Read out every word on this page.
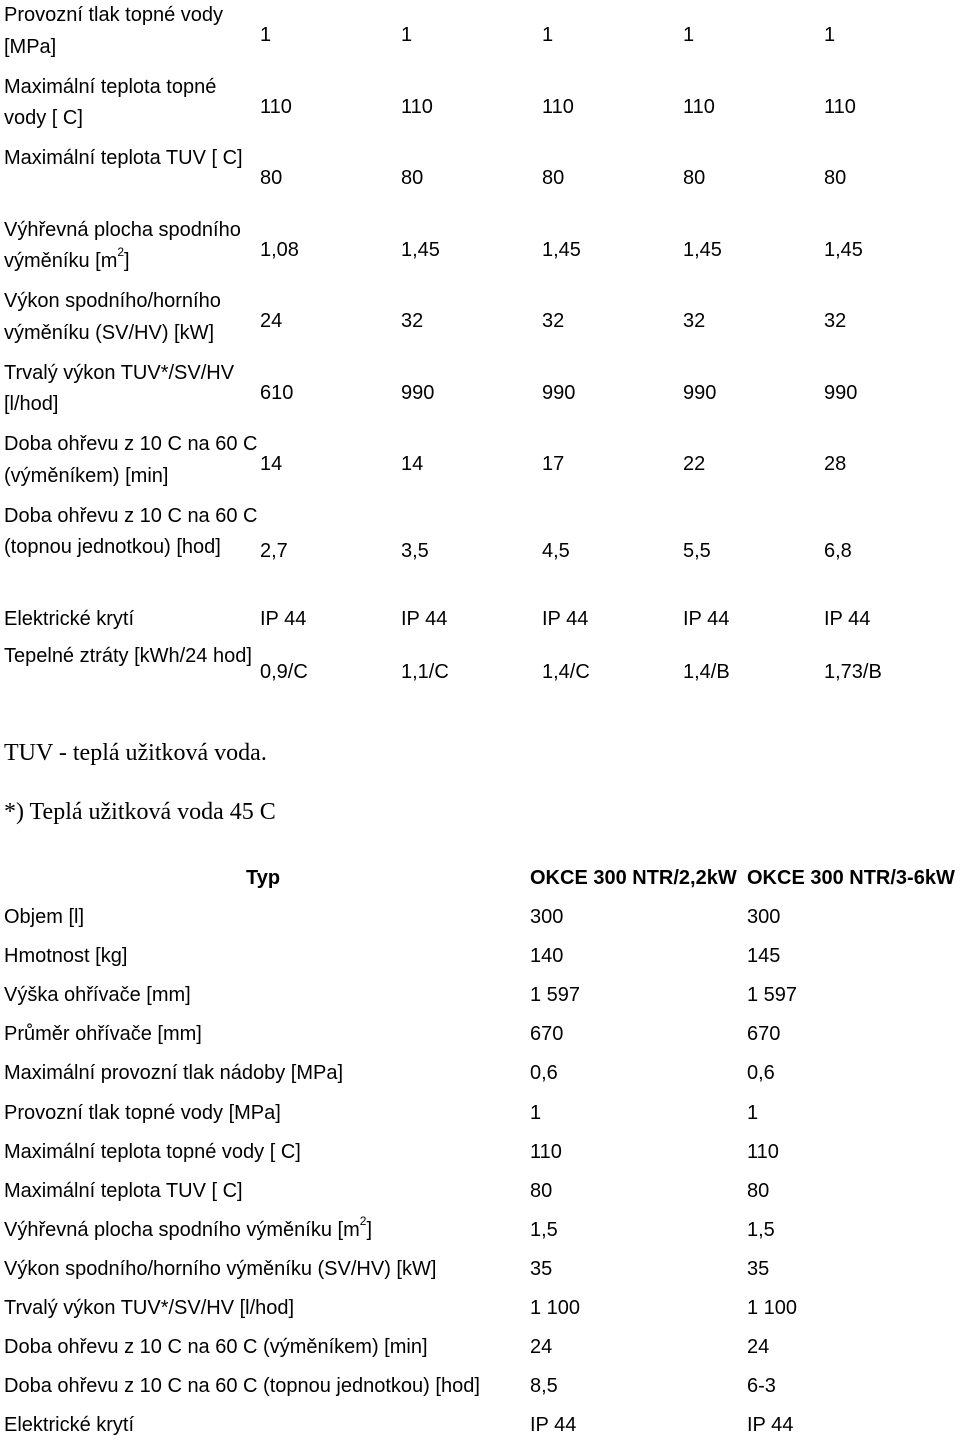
Provozní tlak topné vody [MPa]	1	1	1	1	1
Maximální teplota topné vody [ C]	110	110	110	110	110
Maximální teplota TUV [ C]	80	80	80	80	80
Výhřevná plocha spodního výměníku $[m^2]$	1,08	1,45	1,45	1,45	1,45
Výkon spodního/horního výměníku (SV/HV) [kW]	24	32	32	32	32
Trvalý výkon TUV*/SV/HV [l/hod]	610	990	990	990	990
Doba ohřevu z 10 C na 60 C (výměníkem) [min]	14	14	17	22	28
Doba ohřevu z 10 C na 60 C (topnou jednotkou) [hod]	2,7	3,5	4,5	5,5	6,8
Elektrické krytí	IP 44	IP 44	IP 44	IP 44	IP 44
Tepelné ztráty [kWh/24 hod]	0,9/C	1,1/C	1,4/C	1,4/B	1,73/B
TUV - teplá užitková voda.
*) Teplá užitková voda 45 C
Typ	OKCE 300 NTR/2,2kW	OKCE 300 NTR/3-6kW
Objem [l]	300	300
Hmotnost [kg]	140	145
Výška ohřívače [mm]	1 597	1 597
Průměr ohřívače [mm]	670	670
Maximální provozní tlak nádoby [MPa]	0,6	0,6
Provozní tlak topné vody [MPa]	1	1
Maximální teplota topné vody [ C]	110	110
Maximální teplota TUV [ C]	80	80
Výhřevná plocha spodního výměníku $[m^2]$	1,5	1,5
Výkon spodního/horního výměníku (SV/HV) [kW]	35	35
Trvalý výkon TUV*/SV/HV [l/hod]	1 100	1 100
Doba ohřevu z 10 C na 60 C (výměníkem) [min]	24	24
Doba ohřevu z 10 C na 60 C (topnou jednotkou) [hod]	8,5	6-3
Elektrické krytí	IP 44	IP 44
